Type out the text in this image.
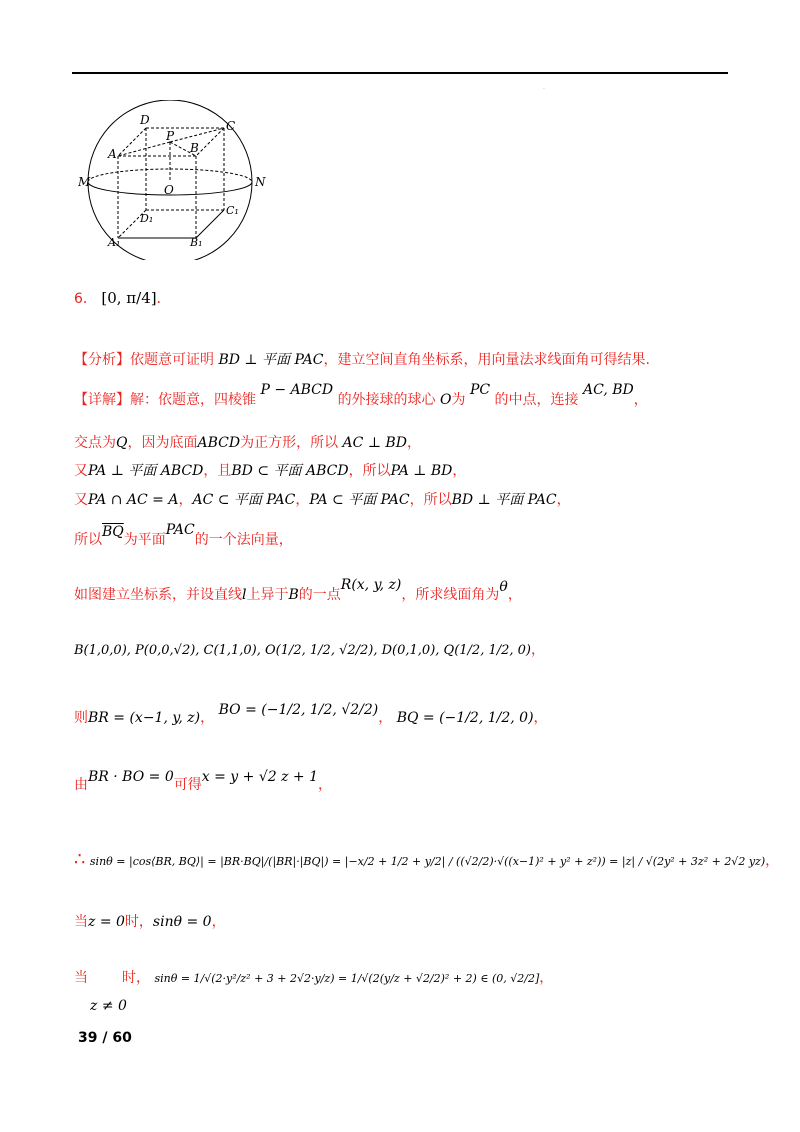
·
D	C
P
A	B
M
O
N
D₁
C₁
A₁	B₁
6． [0, π/4]．
【分析】依题意可证明 BD ⊥ 平面 PAC，建立空间直角坐标系，用向量法求线面角可得结果.
【详解】解：依题意，四棱锥 P − ABCD 的外接球的球心 O为 PC 的中点，连接 AC, BD，
交点为Q，因为底面ABCD为正方形，所以 AC ⊥ BD，
又PA ⊥ 平面 ABCD，且BD ⊂ 平面 ABCD，所以PA ⊥ BD，
又PA ∩ AC = A，AC ⊂ 平面 PAC，PA ⊂ 平面 PAC，所以BD ⊥ 平面 PAC，
所以$\overline{BQ}$为平面PAC的一个法向量，
如图建立坐标系，并设直线l上异于B的一点R(x, y, z)，所求线面角为θ，
B(1,0,0), P(0,0,√2), C(1,1,0), O(1/2, 1/2, √2/2), D(0,1,0), Q(1/2, 1/2, 0)，
则BR = (x−1, y, z)， BO = (−1/2, 1/2, √2/2)， BQ = (−1/2, 1/2, 0)，
由BR · BO = 0可得x = y + √2 z + 1，
∴ sinθ = |cos⟨BR, BQ⟩| = |BR·BQ|/(|BR|·|BQ|) = |−x/2 + 1/2 + y/2| / ((√2/2)·√((x−1)² + y² + z²)) = |z| / √(2y² + 3z² + 2√2 yz)，
当z = 0时，sinθ = 0，
当 时， sinθ = 1/√(2·y²/z² + 3 + 2√2·y/z) = 1/√(2(y/z + √2/2)² + 2) ∈ (0, √2/2]，
z ≠ 0
39 / 60
